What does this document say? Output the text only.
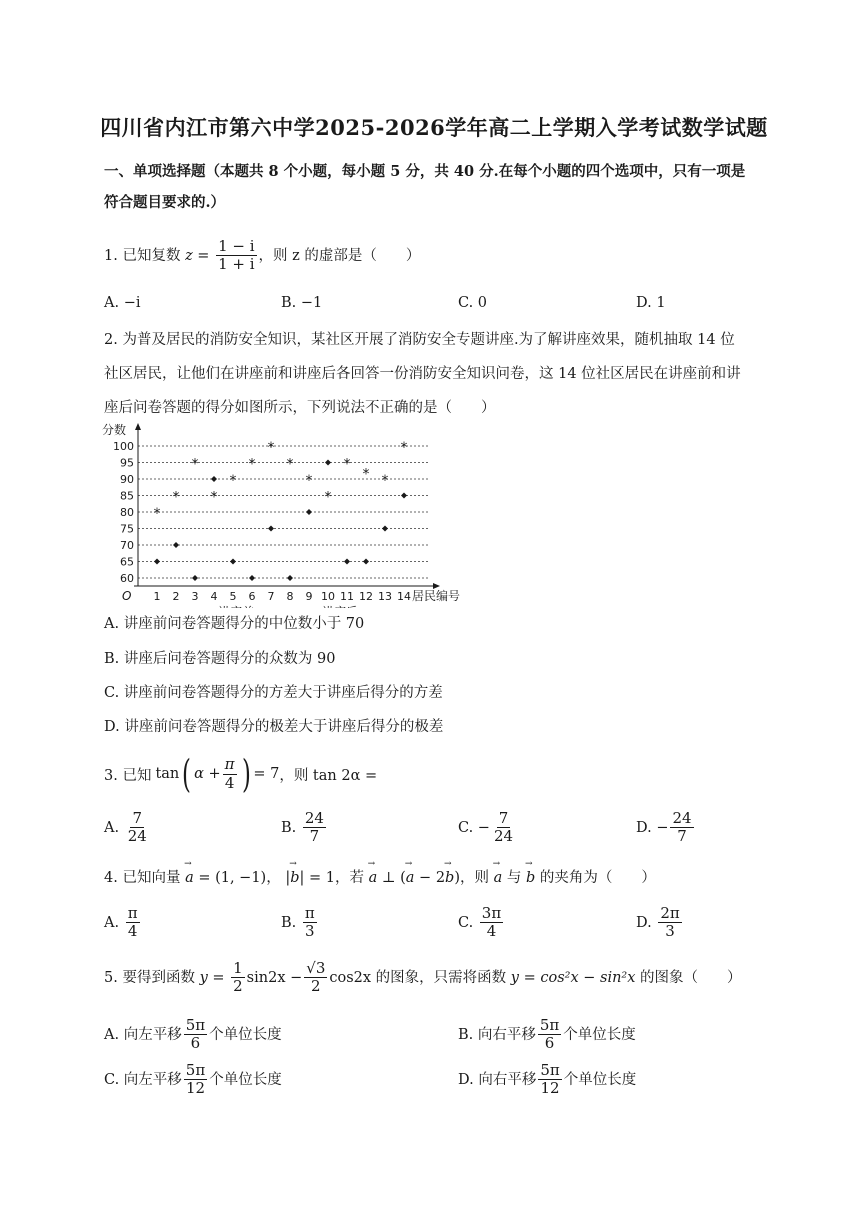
四川省内江市第六中学2025-2026学年高二上学期入学考试数学试题
一、单项选择题（本题共 8 个小题，每小题 5 分，共 40 分.在每个小题的四个选项中，只有一项是
符合题目要求的.）
1. 已知复数 $z = \frac{1 - i}{1 + i}$ ，则 z 的虚部是（　　）
A. −i	B. −1	C. 0	D. 1
2. 为普及居民的消防安全知识，某社区开展了消防安全专题讲座.为了解讲座效果，随机抽取 14 位
社区居民，让他们在讲座前和讲座后各回答一份消防安全知识问卷，这 14 位社区居民在讲座前和讲
座后问卷答题的得分如图所示，下列说法不正确的是（　　）
60
65
70
75
80
85
90
95
100
分数
O	居民编号
1 2 3 4 5 6 7 8 9 10 11 12 13 14
*
*
*
*
*
*
*
*
*
*
*
* *
*
A. 讲座前问卷答题得分的中位数小于 70
B. 讲座后问卷答题得分的众数为 90
C. 讲座前问卷答题得分的方差大于讲座后得分的方差
D. 讲座前问卷答题得分的极差大于讲座后得分的极差
3. 已知 tan ( $\alpha + \frac{\pi}{4}$ ) = 7 ，则 tan 2α =
A. $\frac{7}{24}$	B. $\frac{24}{7}$	C. − $\frac{7}{24}$	D. − $\frac{24}{7}$
4. 已知向量 → a = (1, −1)， |→ b| = 1，若 → a ⊥ (→ a − 2→ b)，则 → a 与 → b 的夹角为（　　）
A. $\frac{\pi}{4}$	B. $\frac{\pi}{3}$	C. $\frac{3\pi}{4}$	D. $\frac{2\pi}{3}$
5. 要得到函数 $y = \frac{1}{2} \sin 2x - \frac{√3}{2} \cos 2x$ 的图象，只需将函数 y = cos²x − sin²x 的图象（　　）
A. 向左平移 $\frac{5\pi}{6}$ 个单位长度	B. 向右平移 $\frac{5\pi}{6}$ 个单位长度
C. 向左平移 $\frac{5\pi}{12}$ 个单位长度	D. 向右平移 $\frac{5\pi}{12}$ 个单位长度
